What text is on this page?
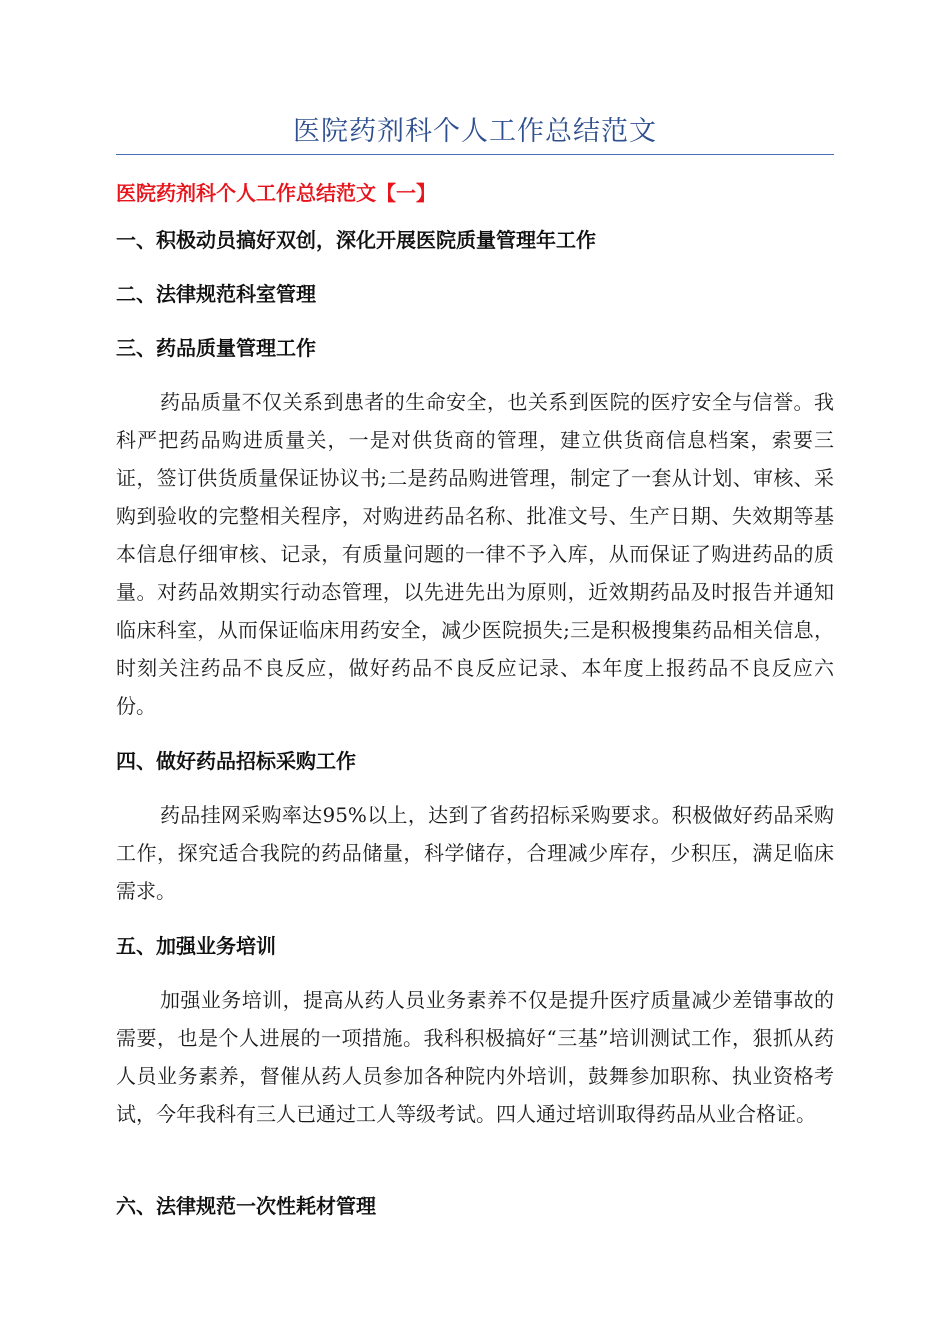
医院药剂科个人工作总结范文
医院药剂科个人工作总结范文【一】
一、积极动员搞好双创，深化开展医院质量管理年工作
二、法律规范科室管理
三、药品质量管理工作

药品质量不仅关系到患者的生命安全，也关系到医院的医疗安全与信誉。我科严把药品购进质量关，一是对供货商的管理，建立供货商信息档案，索要三证，签订供货质量保证协议书;二是药品购进管理，制定了一套从计划、审核、采购到验收的完整相关程序，对购进药品名称、批准文号、生产日期、失效期等基本信息仔细审核、记录，有质量问题的一律不予入库，从而保证了购进药品的质量。对药品效期实行动态管理，以先进先出为原则，近效期药品及时报告并通知临床科室，从而保证临床用药安全，减少医院损失;三是积极搜集药品相关信息，时刻关注药品不良反应，做好药品不良反应记录、本年度上报药品不良反应六份。

四、做好药品招标采购工作

药品挂网采购率达95%以上，达到了省药招标采购要求。积极做好药品采购工作，探究适合我院的药品储量，科学储存，合理减少库存，少积压，满足临床需求。

五、加强业务培训

加强业务培训，提高从药人员业务素养不仅是提升医疗质量减少差错事故的需要，也是个人进展的一项措施。我科积极搞好“三基”培训测试工作，狠抓从药人员业务素养，督催从药人员参加各种院内外培训，鼓舞参加职称、执业资格考试，今年我科有三人已通过工人等级考试。四人通过培训取得药品从业合格证。

六、法律规范一次性耗材管理
